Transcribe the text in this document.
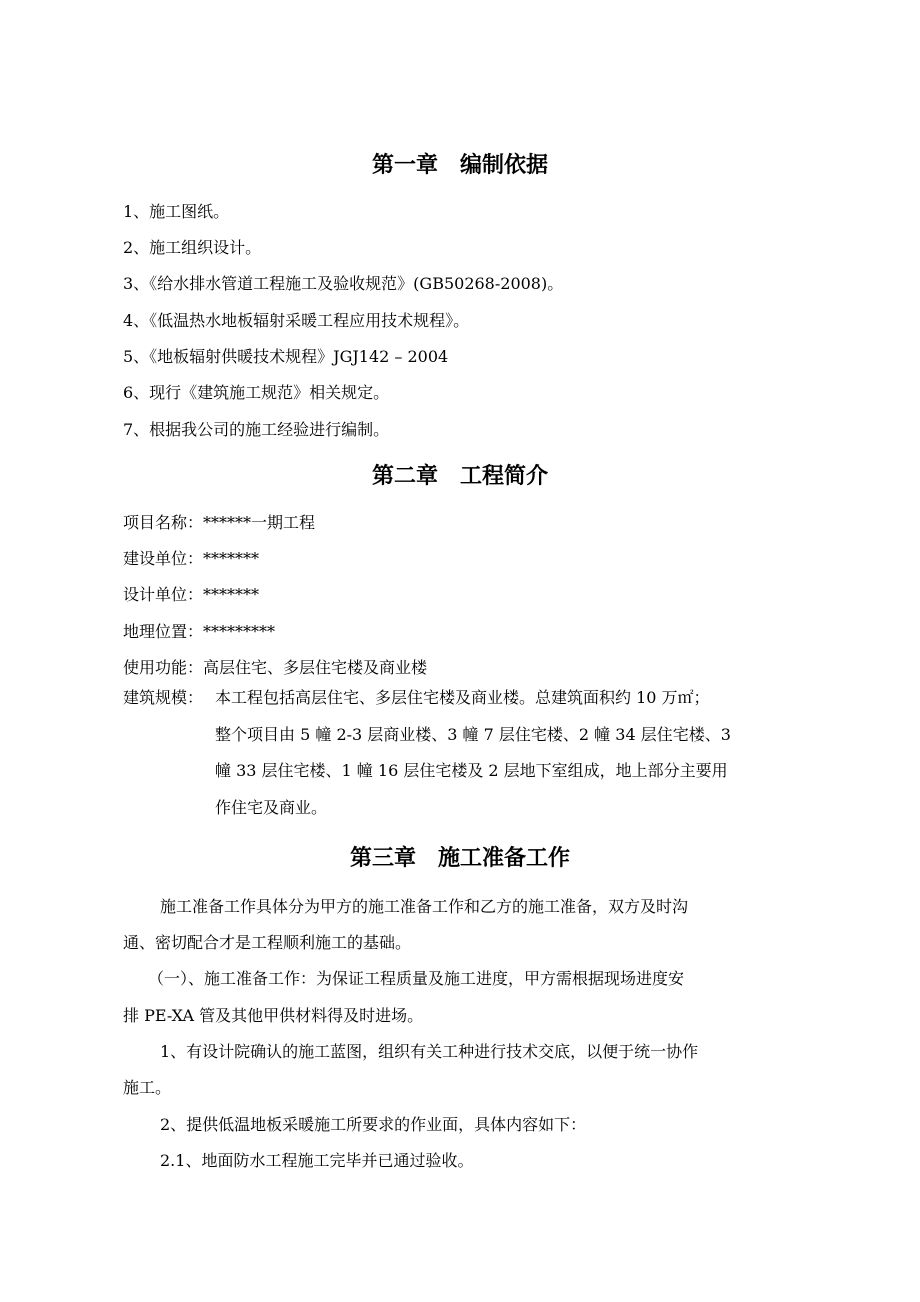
第一章　编制依据
1、施工图纸。
2、施工组织设计。
3、《给水排水管道工程施工及验收规范》(GB50268-2008)。
4、《低温热水地板辐射采暖工程应用技术规程》。
5、《地板辐射供暖技术规程》JGJ142 – 2004
6、现行《建筑施工规范》相关规定。
7、根据我公司的施工经验进行编制。
第二章　工程简介
项目名称：******一期工程
建设单位：*******
设计单位：*******
地理位置：*********
使用功能：高层住宅、多层住宅楼及商业楼
建筑规模： 本工程包括高层住宅、多层住宅楼及商业楼。总建筑面积约 10 万㎡；
整个项目由 5 幢 2-3 层商业楼、3 幢 7 层住宅楼、2 幢 34 层住宅楼、3
幢 33 层住宅楼、1 幢 16 层住宅楼及 2 层地下室组成，地上部分主要用
作住宅及商业。
第三章　施工准备工作
施工准备工作具体分为甲方的施工准备工作和乙方的施工准备，双方及时沟
通、密切配合才是工程顺利施工的基础。
（一）、施工准备工作：为保证工程质量及施工进度，甲方需根据现场进度安
排 PE-XA 管及其他甲供材料得及时进场。
1、有设计院确认的施工蓝图，组织有关工种进行技术交底，以便于统一协作
施工。
2、提供低温地板采暖施工所要求的作业面，具体内容如下：
2.1、地面防水工程施工完毕并已通过验收。
